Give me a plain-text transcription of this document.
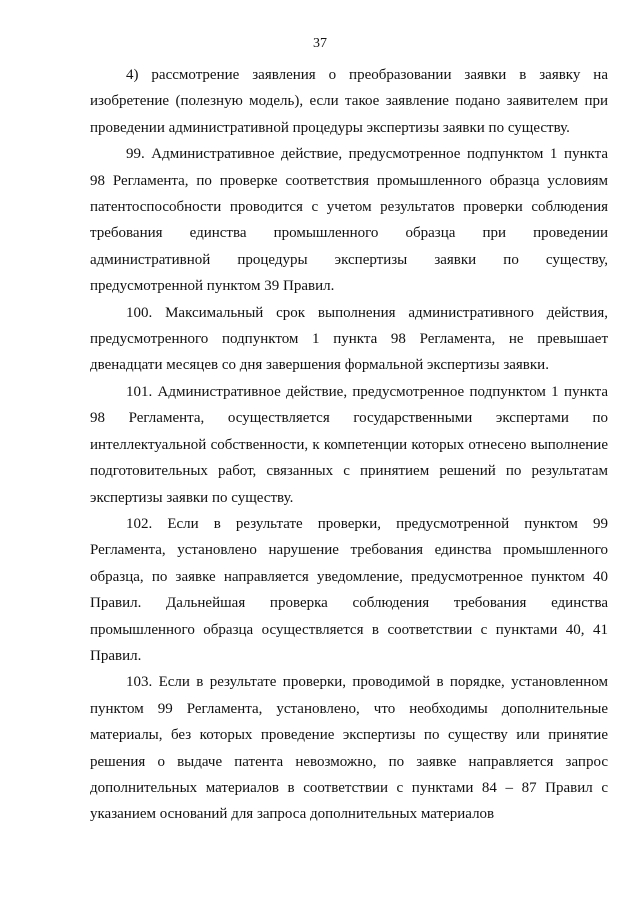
37

4) рассмотрение заявления о преобразовании заявки в заявку на изобретение (полезную модель), если такое заявление подано заявителем при проведении административной процедуры экспертизы заявки по существу.

99. Административное действие, предусмотренное подпунктом 1 пункта 98 Регламента, по проверке соответствия промышленного образца условиям патентоспособности проводится с учетом результатов проверки соблюдения требования единства промышленного образца при проведении административной процедуры экспертизы заявки по существу, предусмотренной пунктом 39 Правил.

100. Максимальный срок выполнения административного действия, предусмотренного подпунктом 1 пункта 98 Регламента, не превышает двенадцати месяцев со дня завершения формальной экспертизы заявки.

101. Административное действие, предусмотренное подпунктом 1 пункта 98 Регламента, осуществляется государственными экспертами по интеллектуальной собственности, к компетенции которых отнесено выполнение подготовительных работ, связанных с принятием решений по результатам экспертизы заявки по существу.

102. Если в результате проверки, предусмотренной пунктом 99 Регламента, установлено нарушение требования единства промышленного образца, по заявке направляется уведомление, предусмотренное пунктом 40 Правил. Дальнейшая проверка соблюдения требования единства промышленного образца осуществляется в соответствии с пунктами 40, 41 Правил.

103. Если в результате проверки, проводимой в порядке, установленном пунктом 99 Регламента, установлено, что необходимы дополнительные материалы, без которых проведение экспертизы по существу или принятие решения о выдаче патента невозможно, по заявке направляется запрос дополнительных материалов в соответствии с пунктами 84 – 87 Правил с указанием оснований для запроса дополнительных материалов
